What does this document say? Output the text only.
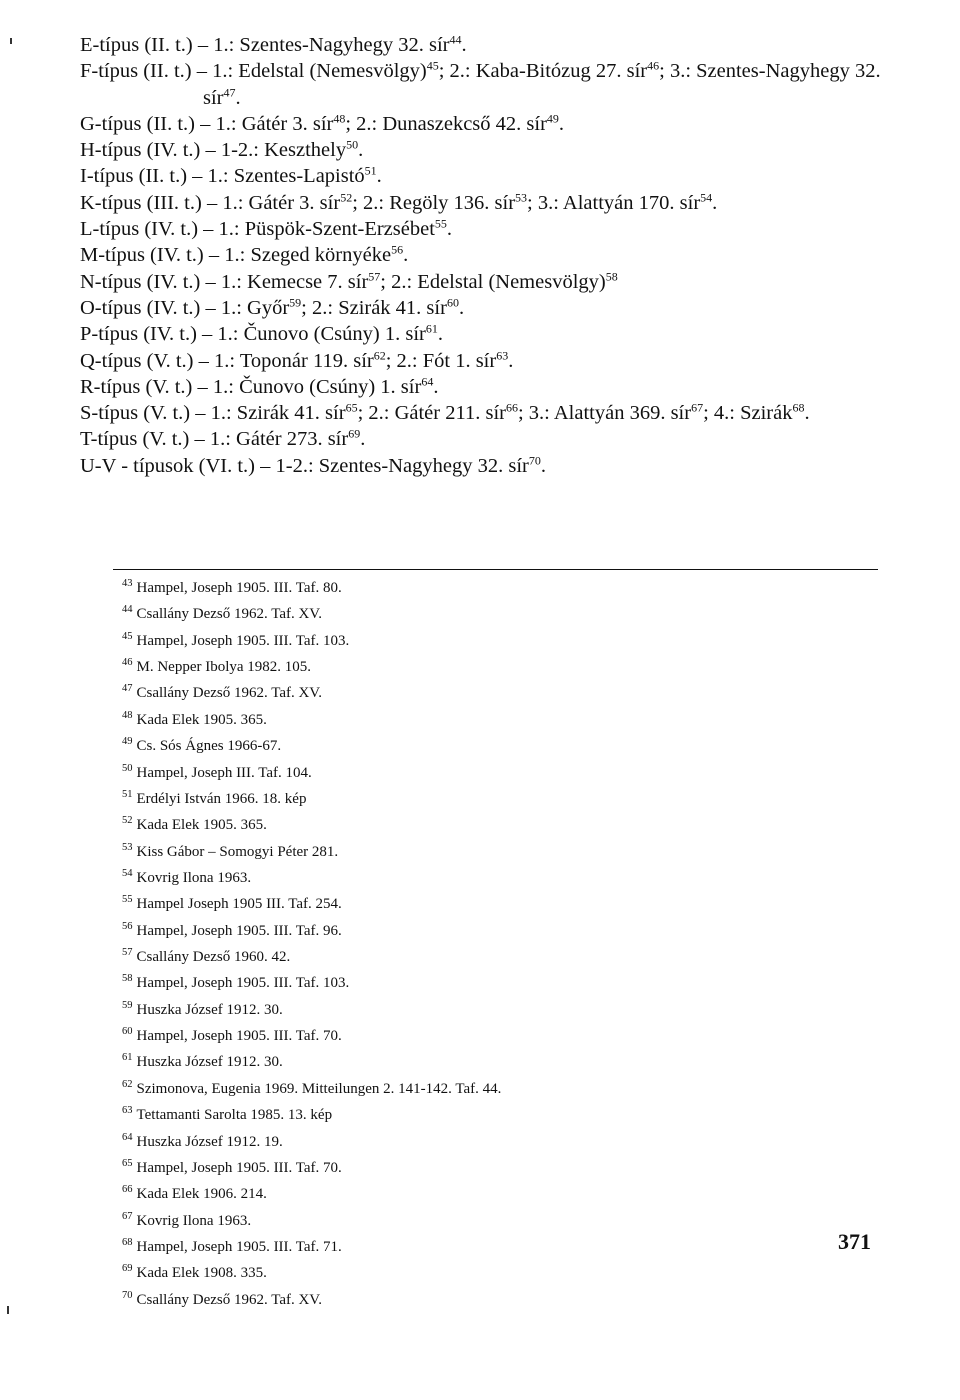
E-típus (II. t.) – 1.: Szentes-Nagyhegy 32. sír$^{44}$.
F-típus (II. t.) – 1.: Edelstal (Nemesvölgy)$^{45}$; 2.: Kaba-Bitózug 27. sír$^{46}$; 3.: Szentes-Nagyhegy 32. sír$^{47}$.
G-típus (II. t.) – 1.: Gátér 3. sír$^{48}$; 2.: Dunaszekcső 42. sír$^{49}$.
H-típus (IV. t.) – 1-2.: Keszthely$^{50}$.
I-típus (II. t.) – 1.: Szentes-Lapistó$^{51}$.
K-típus (III. t.) – 1.: Gátér 3. sír$^{52}$; 2.: Regöly 136. sír$^{53}$; 3.: Alattyán 170. sír$^{54}$.
L-típus (IV. t.) – 1.: Püspök-Szent-Erzsébet$^{55}$.
M-típus (IV. t.) – 1.: Szeged környéke$^{56}$.
N-típus (IV. t.) – 1.: Kemecse 7. sír$^{57}$; 2.: Edelstal (Nemesvölgy)$^{58}$
O-típus (IV. t.) – 1.: Győr$^{59}$; 2.: Szirák 41. sír$^{60}$.
P-típus (IV. t.) – 1.: Čunovo (Csúny) 1. sír$^{61}$.
Q-típus (V. t.) – 1.: Toponár 119. sír$^{62}$; 2.: Fót 1. sír$^{63}$.
R-típus (V. t.) – 1.: Čunovo (Csúny) 1. sír$^{64}$.
S-típus (V. t.) – 1.: Szirák 41. sír$^{65}$; 2.: Gátér 211. sír$^{66}$; 3.: Alattyán 369. sír$^{67}$; 4.: Szirák$^{68}$.
T-típus (V. t.) – 1.: Gátér 273. sír$^{69}$.
U-V - típusok (VI. t.) – 1-2.: Szentes-Nagyhegy 32. sír$^{70}$.
$^{43}$ Hampel, Joseph 1905. III. Taf. 80.
$^{44}$ Csallány Dezső 1962. Taf. XV.
$^{45}$ Hampel, Joseph 1905. III. Taf. 103.
$^{46}$ M. Nepper Ibolya 1982. 105.
$^{47}$ Csallány Dezső 1962. Taf. XV.
$^{48}$ Kada Elek 1905. 365.
$^{49}$ Cs. Sós Ágnes 1966-67.
$^{50}$ Hampel, Joseph III. Taf. 104.
$^{51}$ Erdélyi István 1966. 18. kép
$^{52}$ Kada Elek 1905. 365.
$^{53}$ Kiss Gábor – Somogyi Péter 281.
$^{54}$ Kovrig Ilona 1963.
$^{55}$ Hampel Joseph 1905 III. Taf. 254.
$^{56}$ Hampel, Joseph 1905. III. Taf. 96.
$^{57}$ Csallány Dezső 1960. 42.
$^{58}$ Hampel, Joseph 1905. III. Taf. 103.
$^{59}$ Huszka József 1912. 30.
$^{60}$ Hampel, Joseph 1905. III. Taf. 70.
$^{61}$ Huszka József 1912. 30.
$^{62}$ Szimonova, Eugenia 1969. Mitteilungen 2. 141-142. Taf. 44.
$^{63}$ Tettamanti Sarolta 1985. 13. kép
$^{64}$ Huszka József 1912. 19.
$^{65}$ Hampel, Joseph 1905. III. Taf. 70.
$^{66}$ Kada Elek 1906. 214.
$^{67}$ Kovrig Ilona 1963.
$^{68}$ Hampel, Joseph 1905. III. Taf. 71.
$^{69}$ Kada Elek 1908. 335.
$^{70}$ Csallány Dezső 1962. Taf. XV.
371
